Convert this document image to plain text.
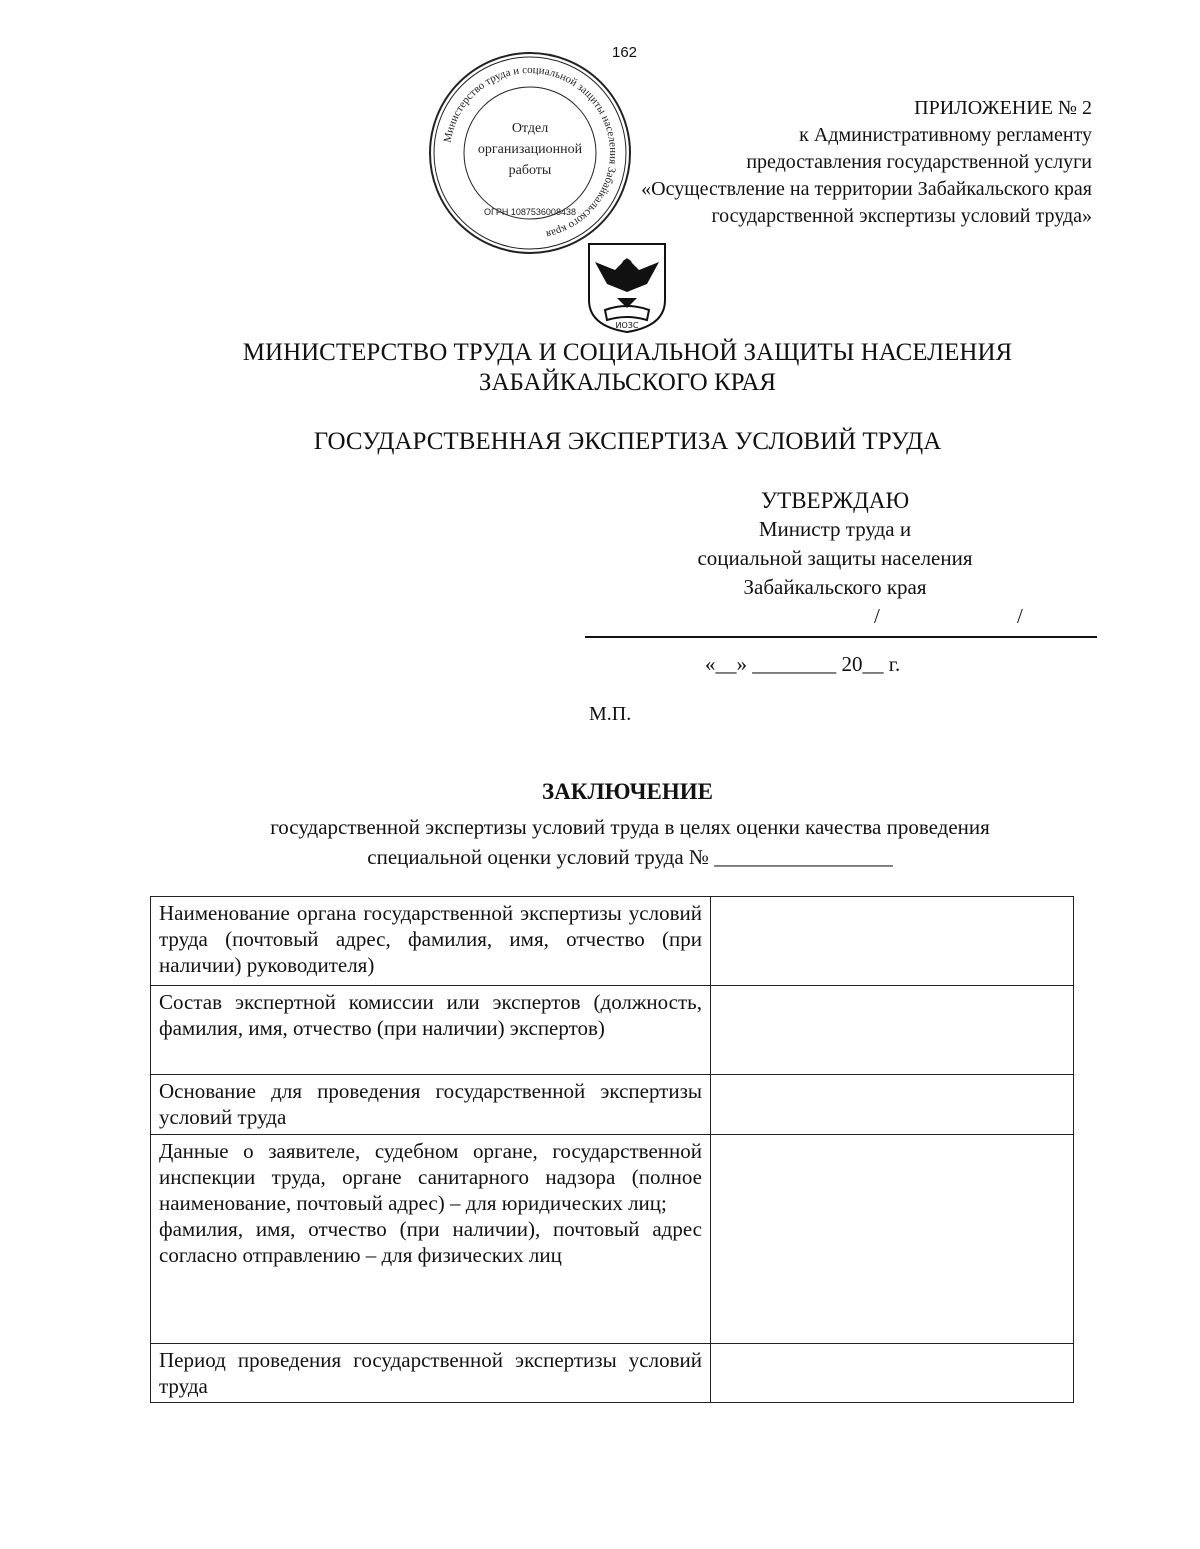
162
ПРИЛОЖЕНИЕ № 2
к Административному регламенту
предоставления государственной услуги
«Осуществление на территории Забайкальского края
государственной экспертизы условий труда»
Министерство труда и социальной защиты населения Забайкальского края
Отдел
организационной
работы
ОГРН 1087536008438
ИОЗС
МИНИСТЕРСТВО ТРУДА И СОЦИАЛЬНОЙ ЗАЩИТЫ НАСЕЛЕНИЯ
ЗАБАЙКАЛЬСКОГО КРАЯ
ГОСУДАРСТВЕННАЯ ЭКСПЕРТИЗА УСЛОВИЙ ТРУДА
УТВЕРЖДАЮ
Министр труда и
социальной защиты населения
Забайкальского края
/	/
«__» ________ 20__ г.
М.П.
ЗАКЛЮЧЕНИЕ
государственной экспертизы условий труда в целях оценки качества проведения
специальной оценки условий труда № _________________
Наименование органа государственной экспертизы условий труда (почтовый адрес, фамилия, имя, отчество (при наличии) руководителя)	
Состав экспертной комиссии или экспертов (должность, фамилия, имя, отчество (при наличии) экспертов)	
Основание для проведения государственной экспертизы условий труда	

Данные о заявителе, судебном органе, государственной инспекции труда, органе санитарного надзора (полное наименование, почтовый адрес) – для юридических лиц;
фамилия, имя, отчество (при наличии), почтовый адрес согласно отправлению – для физических лиц	

Период проведения государственной экспертизы условий труда	
